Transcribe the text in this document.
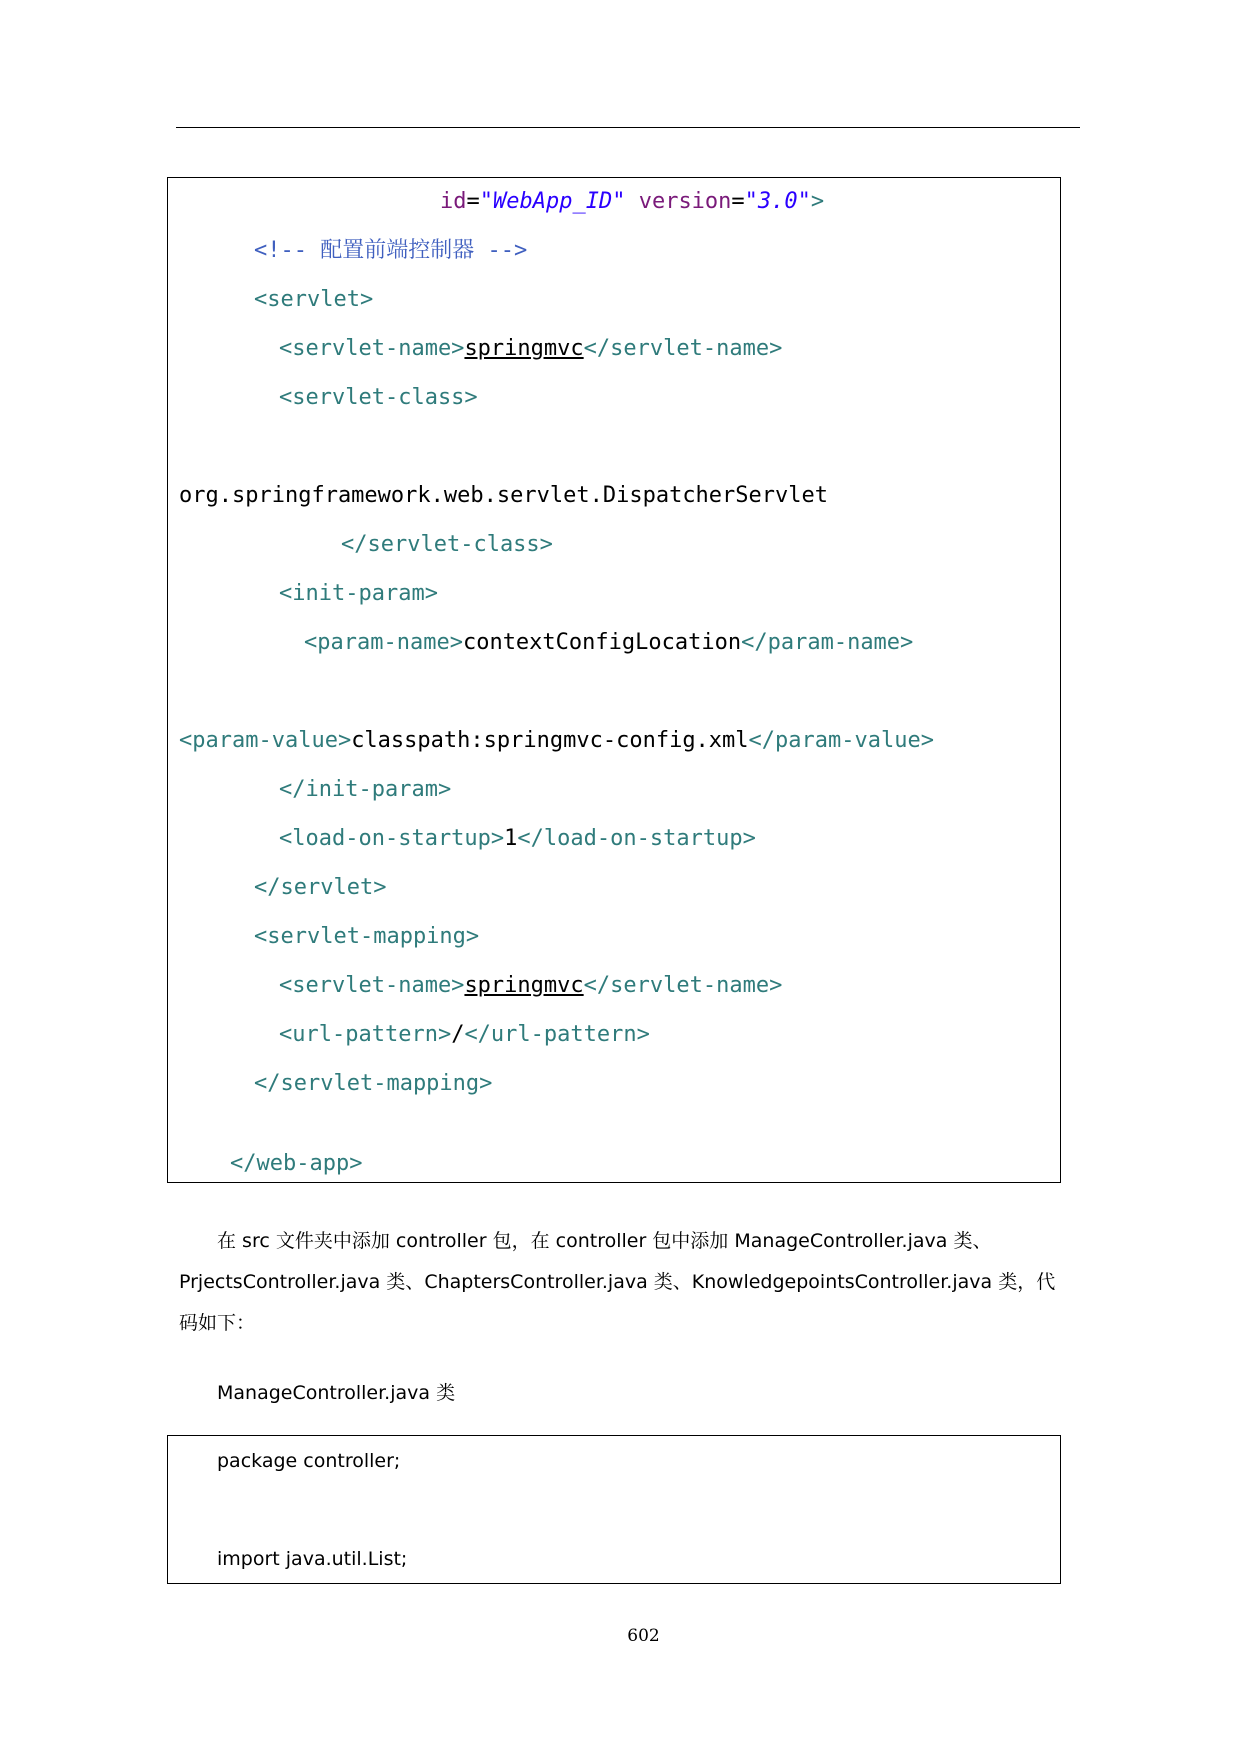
id="WebApp_ID" version="3.0">
<!-- 配置前端控制器 -->
<servlet>
<servlet-name>springmvc</servlet-name>
<servlet-class>
org.springframework.web.servlet.DispatcherServlet
</servlet-class>
<init-param>
<param-name>contextConfigLocation</param-name>
<param-value>classpath:springmvc-config.xml</param-value>
</init-param>
<load-on-startup>1</load-on-startup>
</servlet>
<servlet-mapping>
<servlet-name>springmvc</servlet-name>
<url-pattern>/</url-pattern>
</servlet-mapping>
</web-app>
在 src 文件夹中添加 controller 包，在 controller 包中添加 ManageController.java 类、
PrjectsController.java 类、ChaptersController.java 类、KnowledgepointsController.java 类，代
码如下：
ManageController.java 类
package controller;
import java.util.List;
602
